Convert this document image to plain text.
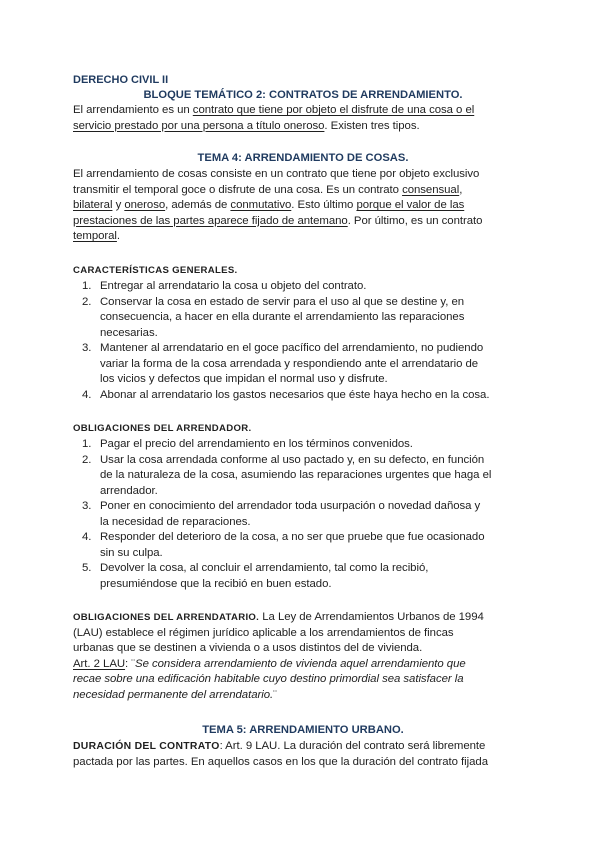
DERECHO CIVIL II
BLOQUE TEMÁTICO 2: CONTRATOS DE ARRENDAMIENTO.
El arrendamiento es un contrato que tiene por objeto el disfrute de una cosa o el
servicio prestado por una persona a título oneroso. Existen tres tipos.
TEMA 4: ARRENDAMIENTO DE COSAS.
El arrendamiento de cosas consiste en un contrato que tiene por objeto exclusivo
transmitir el temporal goce o disfrute de una cosa. Es un contrato consensual,
bilateral y oneroso, además de conmutativo. Esto último porque el valor de las
prestaciones de las partes aparece fijado de antemano. Por último, es un contrato
temporal.
CARACTERÍSTICAS GENERALES.
1. Entregar al arrendatario la cosa u objeto del contrato.
2. Conservar la cosa en estado de servir para el uso al que se destine y, en
consecuencia, a hacer en ella durante el arrendamiento las reparaciones
necesarias.
3. Mantener al arrendatario en el goce pacífico del arrendamiento, no pudiendo
variar la forma de la cosa arrendada y respondiendo ante el arrendatario de
los vicios y defectos que impidan el normal uso y disfrute.
4. Abonar al arrendatario los gastos necesarios que éste haya hecho en la cosa.
OBLIGACIONES DEL ARRENDADOR.
1. Pagar el precio del arrendamiento en los términos convenidos.
2. Usar la cosa arrendada conforme al uso pactado y, en su defecto, en función
de la naturaleza de la cosa, asumiendo las reparaciones urgentes que haga el
arrendador.
3. Poner en conocimiento del arrendador toda usurpación o novedad dañosa y
la necesidad de reparaciones.
4. Responder del deterioro de la cosa, a no ser que pruebe que fue ocasionado
sin su culpa.
5. Devolver la cosa, al concluir el arrendamiento, tal como la recibió,
presumiéndose que la recibió en buen estado.
OBLIGACIONES DEL ARRENDATARIO. La Ley de Arrendamientos Urbanos de 1994
(LAU) establece el régimen jurídico aplicable a los arrendamientos de fincas
urbanas que se destinen a vivienda o a usos distintos del de vivienda.
Art. 2 LAU: ¨Se considera arrendamiento de vivienda aquel arrendamiento que
recae sobre una edificación habitable cuyo destino primordial sea satisfacer la
necesidad permanente del arrendatario.¨
TEMA 5: ARRENDAMIENTO URBANO.
DURACIÓN DEL CONTRATO: Art. 9 LAU. La duración del contrato será libremente
pactada por las partes. En aquellos casos en los que la duración del contrato fijada
